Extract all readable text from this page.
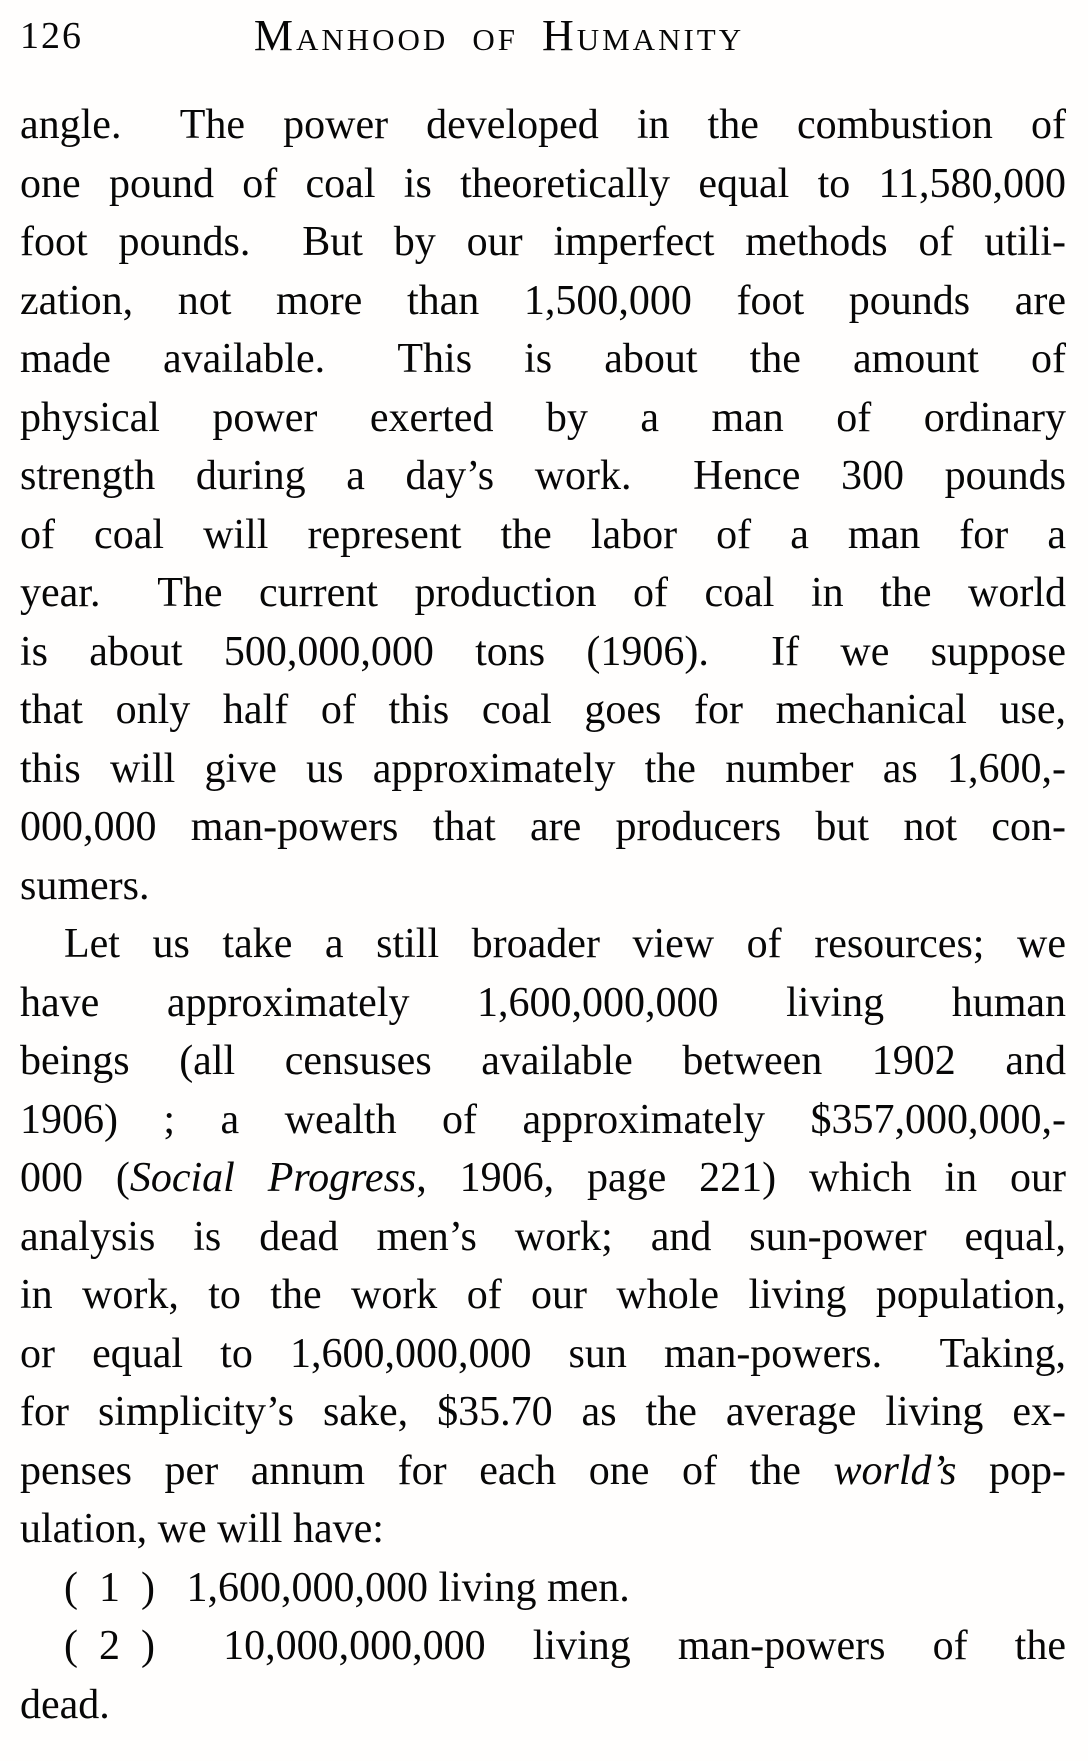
126	Manhood of Humanity
angle.  The power developed in the combustion of
one pound of coal is theoretically equal to 11,580,000
foot pounds.  But by our imperfect methods of utili-
zation, not more than 1,500,000 foot pounds are
made available.  This is about the amount of
physical power exerted by a man of ordinary
strength during a day’s work.  Hence 300 pounds
of coal will represent the labor of a man for a
year.  The current production of coal in the world
is about 500,000,000 tons (1906).  If we suppose
that only half of this coal goes for mechanical use,
this will give us approximately the number as 1,600,-
000,000 man-powers that are producers but not con-
sumers.
Let us take a still broader view of resources; we
have approximately 1,600,000,000 living human
beings (all censuses available between 1902 and
1906) ; a wealth of approximately $357,000,000,-
000 (Social Progress, 1906, page 221) which in our
analysis is dead men’s work; and sun-power equal,
in work, to the work of our whole living population,
or equal to 1,600,000,000 sun man-powers.  Taking,
for simplicity’s sake, $35.70 as the average living ex-
penses per annum for each one of the world’s pop-
ulation, we will have:
( 1 )  1,600,000,000 living men.
( 2 )  10,000,000,000 living man-powers of the
dead.
